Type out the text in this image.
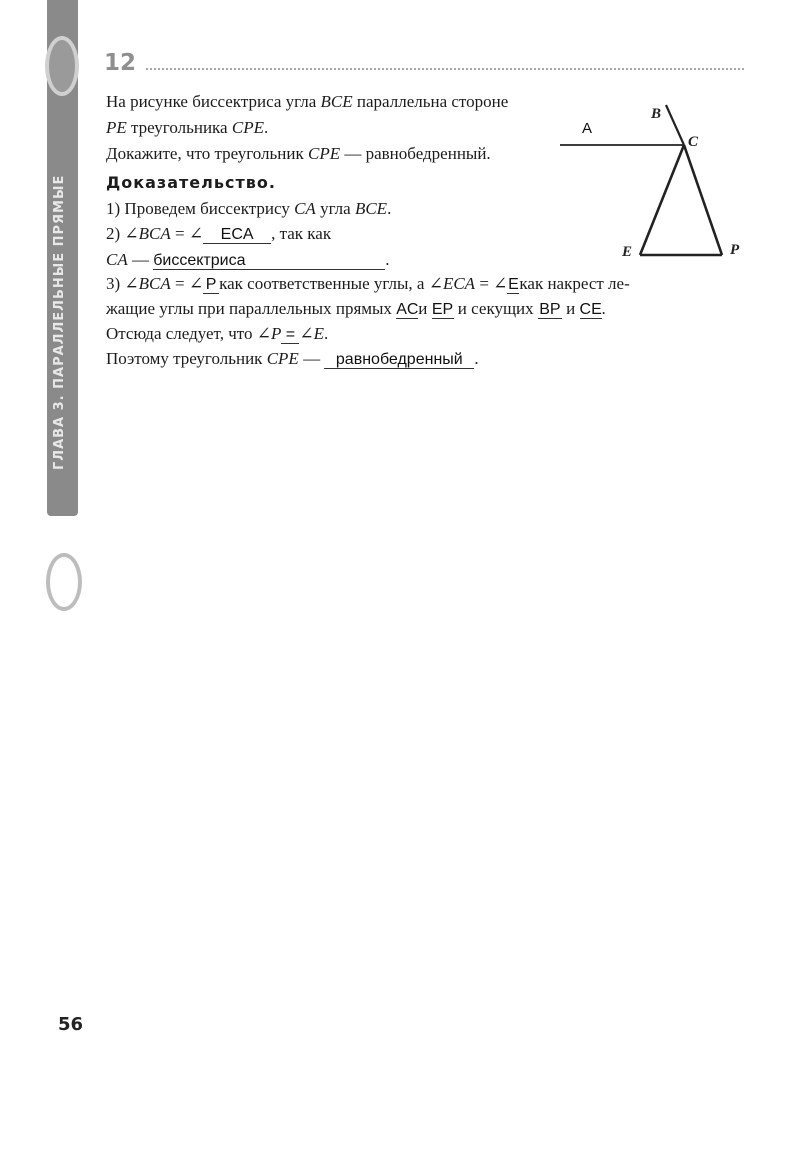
ГЛАВА 3. ПАРАЛЛЕЛЬНЫЕ ПРЯМЫЕ
12
На рисунке биссектриса угла BCE параллельна стороне
PE треугольника CPE.
Докажите, что треугольник CPE — равнобедренный.
Доказательство.
1) Проведем биссектрису CA угла BCE.
2) ∠BCA = ∠ ECA , так как
CA — биссектриса	.
3) ∠BCA = ∠ P как соответственные углы, а ∠ECA = ∠Eкак накрест ле-
жащие углы при параллельных прямых ACи EP и секущих BP и CE.
Отсюда следует, что ∠P = ∠E.
Поэтому треугольник CPE — равнобедренный .
A
B
C
E	P
56
